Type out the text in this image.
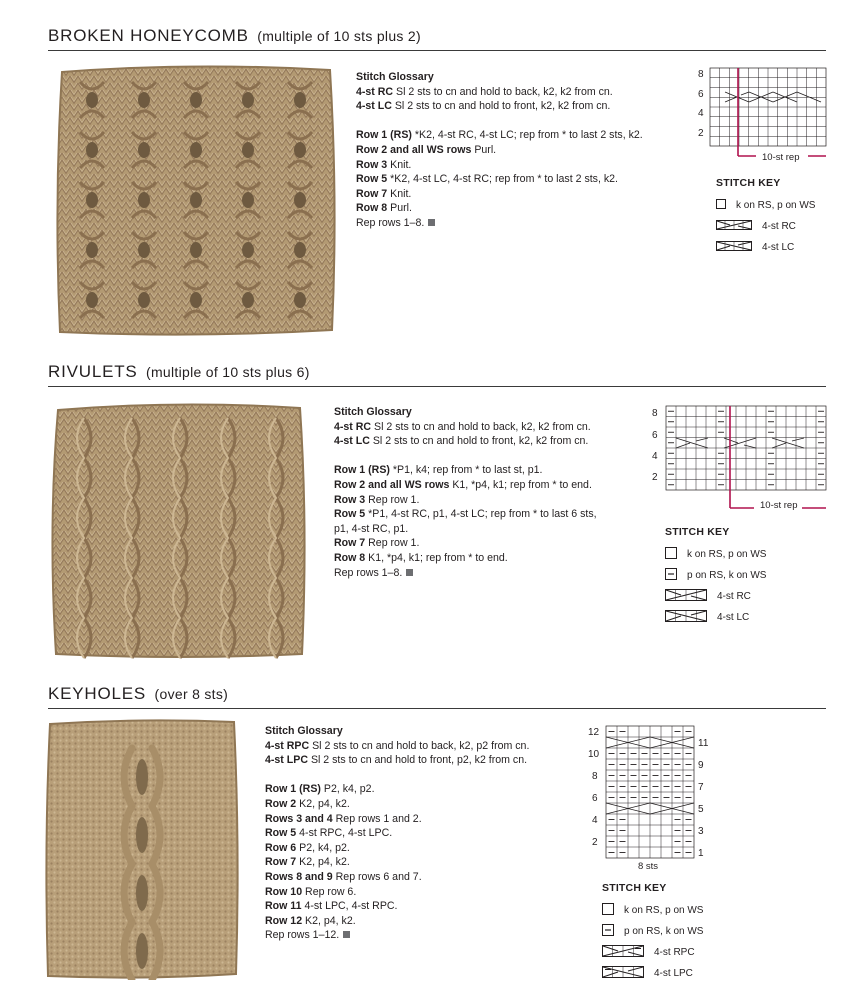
BROKEN HONEYCOMB (multiple of 10 sts plus 2)
Stitch Glossary
4-st RC Sl 2 sts to cn and hold to back, k2, k2 from cn.
4-st LC Sl 2 sts to cn and hold to front, k2, k2 from cn.
Row 1 (RS) *K2, 4-st RC, 4-st LC; rep from * to last 2 sts, k2.
Row 2 and all WS rows Purl.
Row 3 Knit.
Row 5 *K2, 4-st LC, 4-st RC; rep from * to last 2 sts, k2.
Row 7 Knit.
Row 8 Purl.
Rep rows 1–8.
8
6
4
2
10-st rep
STITCH KEY
k on RS, p on WS
4-st RC
4-st LC
RIVULETS (multiple of 10 sts plus 6)
Stitch Glossary
4-st RC Sl 2 sts to cn and hold to back, k2, k2 from cn.
4-st LC Sl 2 sts to cn and hold to front, k2, k2 from cn.
Row 1 (RS) *P1, k4; rep from * to last st, p1.
Row 2 and all WS rows K1, *p4, k1; rep from * to end.
Row 3 Rep row 1.
Row 5 *P1, 4-st RC, p1, 4-st LC; rep from * to last 6 sts,
p1, 4-st RC, p1.
Row 7 Rep row 1.
Row 8 K1, *p4, k1; rep from * to end.
Rep rows 1–8.
8
6
4
2
10-st rep
STITCH KEY
k on RS, p on WS
p on RS, k on WS
4-st RC
4-st LC
KEYHOLES (over 8 sts)
Stitch Glossary
4-st RPC Sl 2 sts to cn and hold to back, k2, p2 from cn.
4-st LPC Sl 2 sts to cn and hold to front, p2, k2 from cn.
Row 1 (RS) P2, k4, p2.
Row 2 K2, p4, k2.
Rows 3 and 4 Rep rows 1 and 2.
Row 5 4-st RPC, 4-st LPC.
Row 6 P2, k4, p2.
Row 7 K2, p4, k2.
Rows 8 and 9 Rep rows 6 and 7.
Row 10 Rep row 6.
Row 11 4-st LPC, 4-st RPC.
Row 12 K2, p4, k2.
Rep rows 1–12.
12
10
8
6
4
2
11
9
7
5
3
1
8 sts
STITCH KEY
k on RS, p on WS
p on RS, k on WS
4-st RPC
4-st LPC
